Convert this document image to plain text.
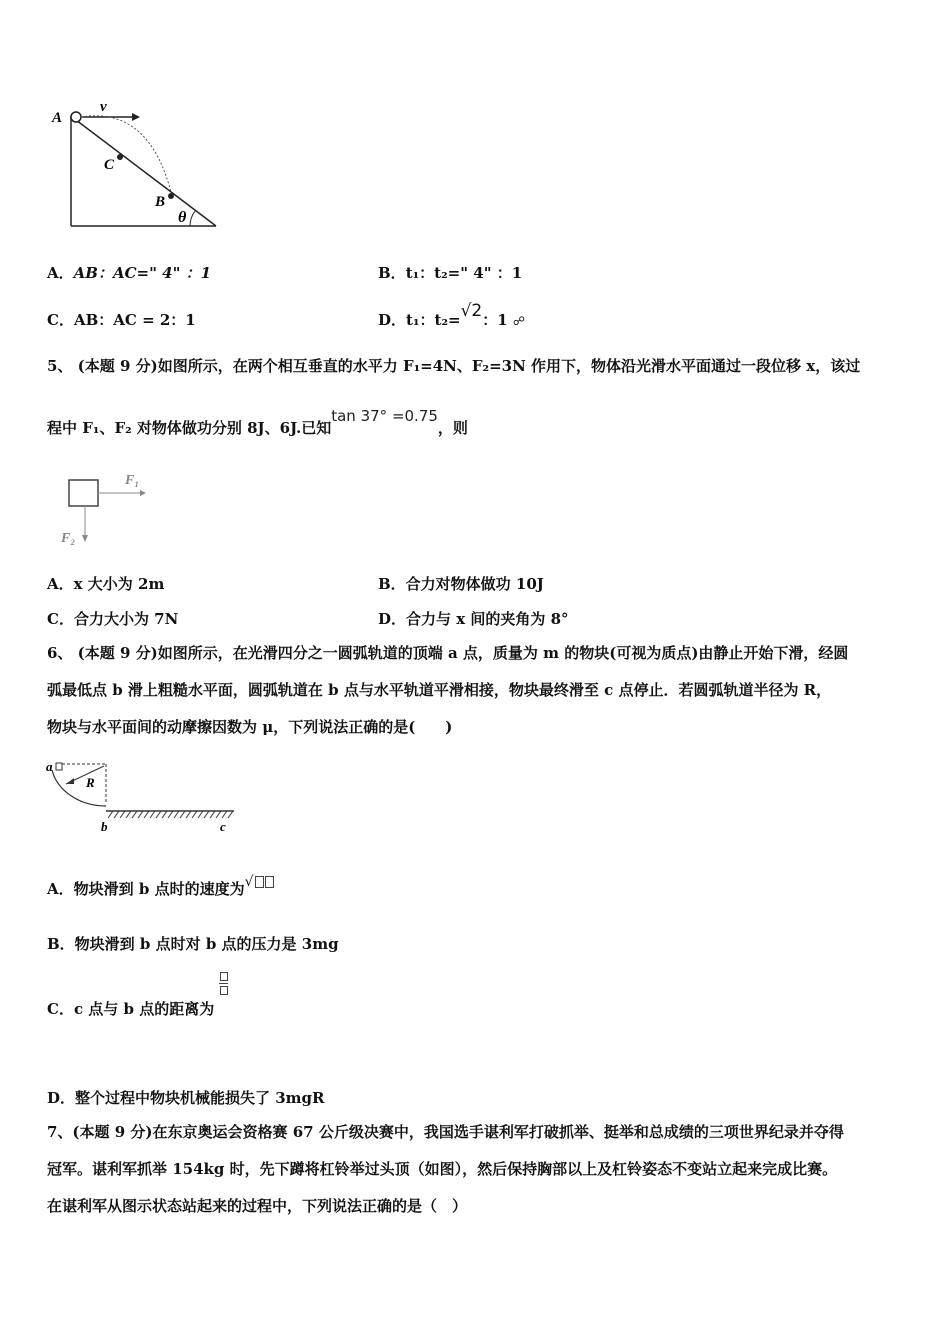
A
v
C
B
θ
A．AB：AC=" 4" ：1	B．t₁：t₂=" 4" ：1
C．AB：AC = 2：1	D．t₁：t₂=√2：1 $_☍$
5、 (本题 9 分)如图所示，在两个相互垂直的水平力 F₁=4N、F₂=3N 作用下，物体沿光滑水平面通过一段位移 x，该过
程中 F₁、F₂ 对物体做功分别 8J、6J.已知tan 37° =0.75，则
F₁
F₂
A．x 大小为 2m	B．合力对物体做功 10J
C．合力大小为 7N	D．合力与 x 间的夹角为 8°
6、 (本题 9 分)如图所示，在光滑四分之一圆弧轨道的顶端 a 点，质量为 m 的物块(可视为质点)由静止开始下滑，经圆
弧最低点 b 滑上粗糙水平面，圆弧轨道在 b 点与水平轨道平滑相接，物块最终滑至 c 点停止．若圆弧轨道半径为 R，
物块与水平面间的动摩擦因数为 μ，下列说法正确的是(　　)
a
R
b	c
A．物块滑到 b 点时的速度为√
B．物块滑到 b 点时对 b 点的压力是 3mg
C．c 点与 b 点的距离为
D．整个过程中物块机械能损失了 3mgR
7、(本题 9 分)在东京奥运会资格赛 67 公斤级决赛中，我国选手谌利军打破抓举、挺举和总成绩的三项世界纪录并夺得
冠军。谌利军抓举 154kg 时，先下蹲将杠铃举过头顶（如图），然后保持胸部以上及杠铃姿态不变站立起来完成比赛。
在谌利军从图示状态站起来的过程中，下列说法正确的是（　）
